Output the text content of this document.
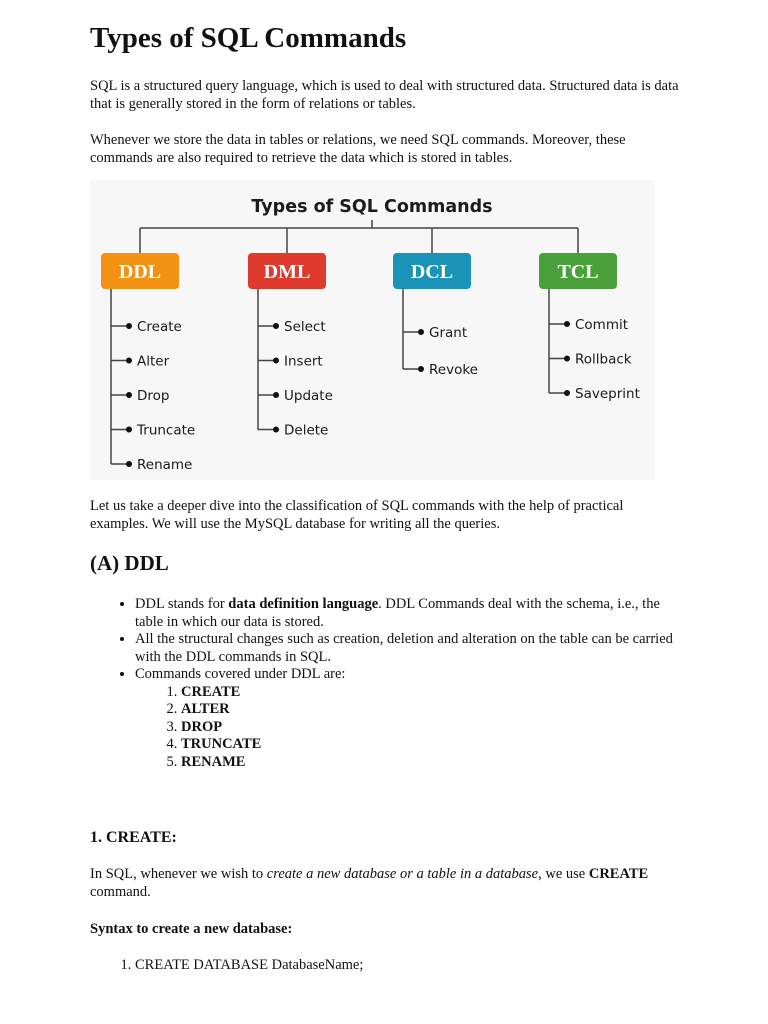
Types of SQL Commands

SQL is a structured query language, which is used to deal with structured data. Structured data is data that is generally stored in the form of relations or tables.

Whenever we store the data in tables or relations, we need SQL commands. Moreover, these commands are also required to retrieve the data which is stored in tables.

Types of SQL Commands
DDL
Create
Alter
Drop
Truncate
Rename
DML
Select
Insert
Update
Delete
DCL
Grant
Revoke
TCL
Commit
Rollback
Saveprint

Let us take a deeper dive into the classification of SQL commands with the help of practical examples. We will use the MySQL database for writing all the queries.

(A) DDL
• DDL stands for data definition language. DDL Commands deal with the schema, i.e., the table in which our data is stored.
• All the structural changes such as creation, deletion and alteration on the table can be carried with the DDL commands in SQL.
• Commands covered under DDL are:
1. CREATE
2. ALTER
3. DROP
4. TRUNCATE
5. RENAME
1. CREATE:

In SQL, whenever we wish to create a new database or a table in a database, we use CREATE command.

Syntax to create a new database:

1. CREATE DATABASE DatabaseName;
